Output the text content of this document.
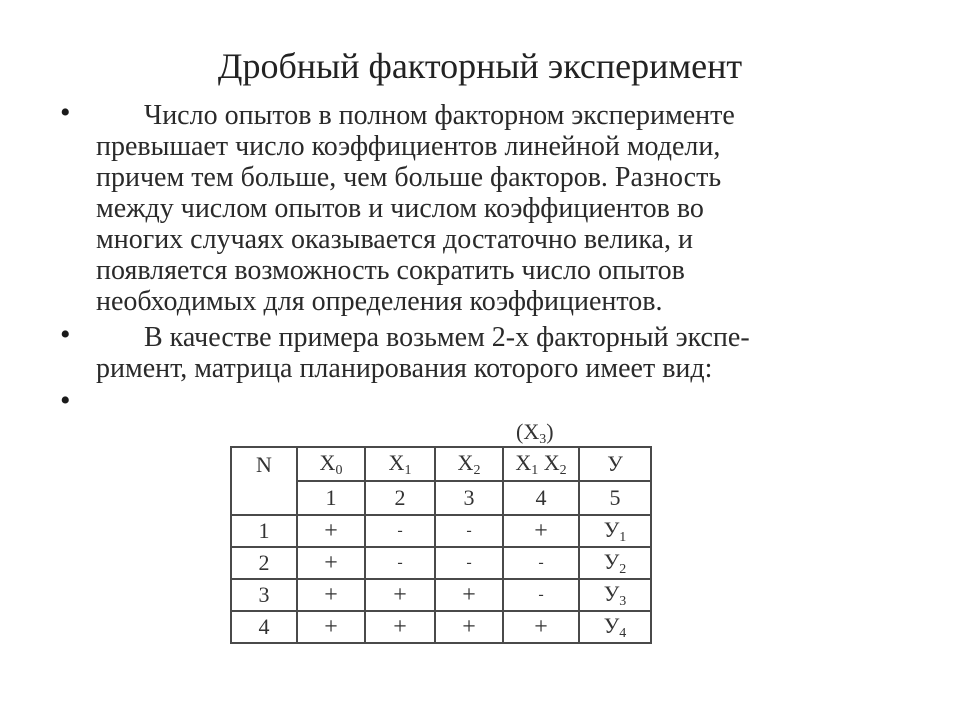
Дробный факторный эксперимент
•	Число опытов в полном факторном эксперименте
превышает число коэффициентов линейной модели,
причем тем больше, чем больше факторов. Разность
между числом опытов и числом коэффициентов во
многих случаях оказывается достаточно велика, и
появляется возможность сократить число опытов
необходимых для определения коэффициентов.
•	В качестве примера возьмем 2-х факторный экспе-
римент, матрица планирования которого имеет вид:
•
$(X_3)$
N	$X_0$	$X_1$	$X_2$	$X_1$ $X_2$	У
	1	2	3	4	5
1	+	-	-	+	$У_1$
2	+	-	-	-	$У_2$
3	+	+	+	-	$У_3$
4	+	+	+	+	$У_4$
